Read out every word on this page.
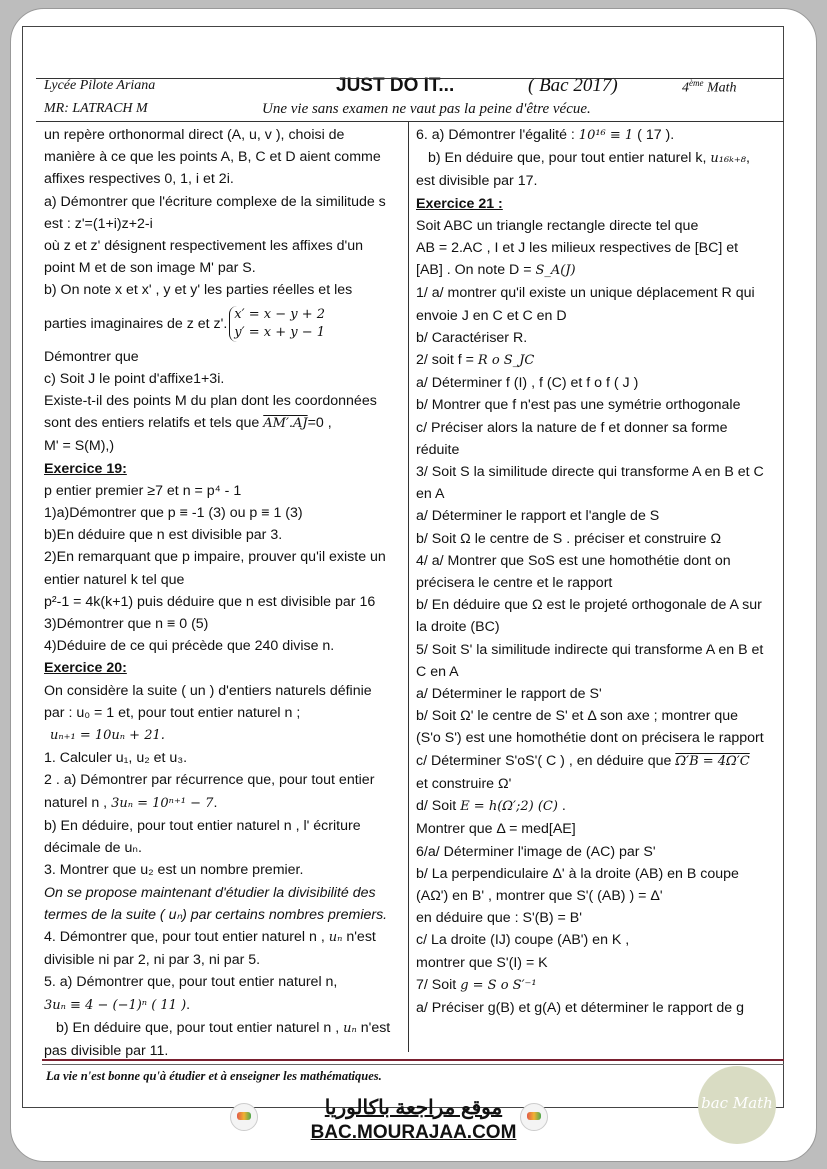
Lycée Pilote Ariana
MR: LATRACH M
JUST DO IT...	( Bac 2017)	4ème Math
Une vie sans examen ne vaut pas la peine d'être vécue.
un repère orthonormal direct (A, u, v ), choisi de
manière à ce que les points A, B, C et D aient comme
affixes respectives 0, 1, i et 2i.
a) Démontrer que l'écriture complexe de la similitude s
est : z'=(1+i)z+2-i
où z et z' désignent respectivement les affixes d'un
point M et de son image M' par S.
b) On note x et x' , y et y' les parties réelles et les
parties imaginaires de z et z'.
x′ = x − y + 2
y′ = x + y − 1
Démontrer que
c) Soit J le point d'affixe1+3i.
Existe-t-il des points M du plan dont les coordonnées
sont des entiers relatifs et tels que AM′.AJ=0 ,
M' = S(M),)
Exercice 19:
p entier premier ≥7 et n = p⁴ - 1
1)a)Démontrer que p ≡ -1 (3) ou p ≡ 1 (3)
b)En déduire que n est divisible par 3.
2)En remarquant que p impaire, prouver qu'il existe un
entier naturel k tel que
p²-1 = 4k(k+1) puis déduire que n est divisible par 16
3)Démontrer que n ≡ 0 (5)
4)Déduire de ce qui précède que 240 divise n.
Exercice 20:
On considère la suite ( un ) d'entiers naturels définie
par : u₀ = 1 et, pour tout entier naturel n ;
uₙ₊₁ = 10uₙ + 21.
1. Calculer u₁, u₂ et u₃.
2 . a) Démontrer par récurrence que, pour tout entier
naturel n , 3uₙ = 10ⁿ⁺¹ − 7.
b) En déduire, pour tout entier naturel n , l' écriture
décimale de uₙ.
3. Montrer que u₂ est un nombre premier.
On se propose maintenant d'étudier la divisibilité des
termes de la suite ( uₙ) par certains nombres premiers.
4. Démontrer que, pour tout entier naturel n , uₙ n'est
divisible ni par 2, ni par 3, ni par 5.
5. a) Démontrer que, pour tout entier naturel n,
3uₙ ≡ 4 − (−1)ⁿ ( 11 ).
b) En déduire que, pour tout entier naturel n , uₙ n'est
pas divisible par 11.
6. a) Démontrer l'égalité : 10¹⁶ ≡ 1 ( 17 ).
b) En déduire que, pour tout entier naturel k, u₁₆ₖ₊₈,
est divisible par 17.
Exercice 21 :
Soit ABC un triangle rectangle directe tel que
AB = 2.AC , I et J les milieux respectives de [BC] et
[AB] . On note D = S_A(J)
1/ a/ montrer qu'il existe un unique déplacement R qui
envoie J en C et C en D
b/ Caractériser R.
2/ soit f = R o S_JC
a/ Déterminer f (I) , f (C) et f o f ( J )
b/ Montrer que f n'est pas une symétrie orthogonale
c/ Préciser alors la nature de f et donner sa forme
réduite
3/ Soit S la similitude directe qui transforme A en B et C
en A
a/ Déterminer le rapport et l'angle de S
b/ Soit Ω le centre de S . préciser et construire Ω
4/ a/ Montrer que SoS est une homothétie dont on
précisera le centre et le rapport
b/ En déduire que Ω est le projeté orthogonale de A sur
la droite (BC)
5/ Soit S' la similitude indirecte qui transforme A en B et
C en A
a/ Déterminer le rapport de S'
b/ Soit Ω' le centre de S' et Δ son axe ; montrer que
(S'o S') est une homothétie dont on précisera le rapport
c/ Déterminer S'oS'( C ) , en déduire que Ω′B = 4Ω′C
et construire Ω'
d/ Soit E = h(Ω′;2) (C) .
Montrer que Δ = med[AE]
6/a/ Déterminer l'image de (AC) par S'
b/ La perpendiculaire Δ' à la droite (AB) en B coupe
(AΩ') en B' , montrer que S'( (AB) ) = Δ'
en déduire que : S'(B) = B'
c/ La droite (IJ) coupe (AB') en K ,
montrer que S'(I) = K
7/ Soit g = S o S′⁻¹
a/ Préciser g(B) et g(A) et déterminer le rapport de g
La vie n'est bonne qu'à étudier et à enseigner les mathématiques.
موقع مراجعة باكالوريا
BAC.MOURAJAA.COM
bac Math
